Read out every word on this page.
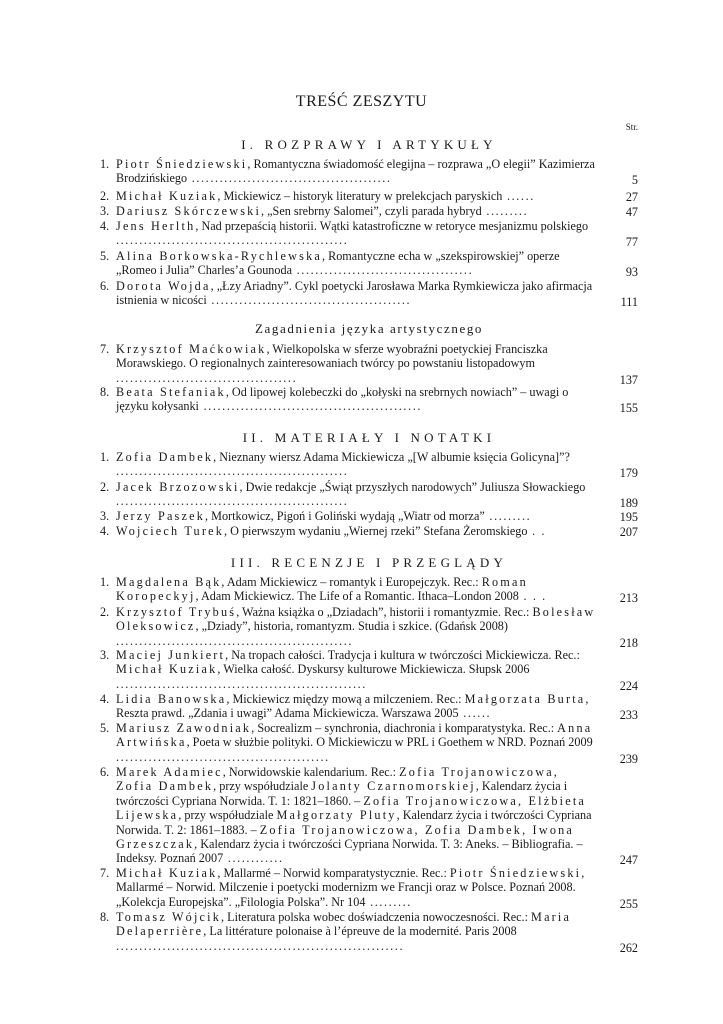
TREŚĆ ZESZYTU
Str.
I. ROZPRAWY I ARTYKUŁY
1. Piotr Śniedziewski, Romantyczna świadomość elegijna – rozprawa „O elegii” Kazimierza Brodzińskiego ...........................................	5
2. Michał Kuziak, Mickiewicz – historyk literatury w prelekcjach paryskich ......	27
3. Dariusz Skórczewski, „Sen srebrny Salomei”, czyli parada hybryd .........	47
4. Jens Herlth, Nad przepaścią historii. Wątki katastroficzne w retoryce mesjanizmu polskiego ..................................................	77
5. Alina Borkowska-Rychlewska, Romantyczne echa w „szekspirowskiej” operze „Romeo i Julia” Charles’a Gounoda ......................................	93
6. Dorota Wojda, „Łzy Ariadny”. Cykl poetycki Jarosława Marka Rymkiewicza jako afirmacja istnienia w nicości ...........................................	111
Zagadnienia języka artystycznego
7. Krzysztof Maćkowiak, Wielkopolska w sferze wyobraźni poetyckiej Franciszka Morawskiego. O regionalnych zainteresowaniach twórcy po powstaniu listopadowym .......................................	137
8. Beata Stefaniak, Od lipowej kolebeczki do „kołyski na srebrnych nowiach” – uwagi o języku kołysanki ...............................................	155
II. MATERIAŁY I NOTATKI
1. Zofia Dambek, Nieznany wiersz Adama Mickiewicza „[W albumie księcia Golicyna]”? ..................................................	179
2. Jacek Brzozowski, Dwie redakcje „Świąt przyszłych narodowych” Juliusza Słowackiego ..................................................	189
3. Jerzy Paszek, Mortkowicz, Pigoń i Goliński wydają „Wiatr od morza” .........	195
4. Wojciech Turek, O pierwszym wydaniu „Wiernej rzeki” Stefana Żeromskiego . .	207
III. RECENZJE I PRZEGLĄDY
1. Magdalena Bąk, Adam Mickiewicz – romantyk i Europejczyk. Rec.: Roman Koropeckyj, Adam Mickiewicz. The Life of a Romantic. Ithaca–London 2008 . . .	213
2. Krzysztof Trybuś, Ważna książka o „Dziadach”, historii i romantyzmie. Rec.: Bolesław Oleksowicz, „Dziady”, historia, romantyzm. Studia i szkice. (Gdańsk 2008) ...................................................	218
3. Maciej Junkiert, Na tropach całości. Tradycja i kultura w twórczości Mickiewicza. Rec.: Michał Kuziak, Wielka całość. Dyskursy kulturowe Mickiewicza. Słupsk 2006 ......................................................	224
4. Lidia Banowska, Mickiewicz między mową a milczeniem. Rec.: Małgorzata Burta, Reszta prawd. „Zdania i uwagi” Adama Mickiewicza. Warszawa 2005 ......	233
5. Mariusz Zawodniak, Socrealizm – synchronia, diachronia i komparatystyka. Rec.: Anna Artwińska, Poeta w służbie polityki. O Mickiewiczu w PRL i Goethem w NRD. Poznań 2009 ..............................................	239
6. Marek Adamiec, Norwidowskie kalendarium. Rec.: Zofia Trojanowiczowa, Zofia Dambek, przy współudziale Jolanty Czarnomorskiej, Kalendarz życia i twórczości Cypriana Norwida. T. 1: 1821–1860. – Zofia Trojanowiczowa, Elżbieta Lijewska, przy współudziale Małgorzaty Pluty, Kalendarz życia i twórczości Cypriana Norwida. T. 2: 1861–1883. – Zofia Trojanowiczowa, Zofia Dambek, Iwona Grzeszczak, Kalendarz życia i twórczości Cypriana Norwida. T. 3: Aneks. – Bibliografia. – Indeksy. Poznań 2007 ............	247
7. Michał Kuziak, Mallarmé – Norwid komparatystycznie. Rec.: Piotr Śniedziewski, Mallarmé – Norwid. Milczenie i poetycki modernizm we Francji oraz w Polsce. Poznań 2008. „Kolekcja Europejska”. „Filologia Polska”. Nr 104 .........	255
8. Tomasz Wójcik, Literatura polska wobec doświadczenia nowoczesności. Rec.: Maria Delaperrière, La littérature polonaise à l’épreuve de la modernité. Paris 2008 ..............................................................	262
